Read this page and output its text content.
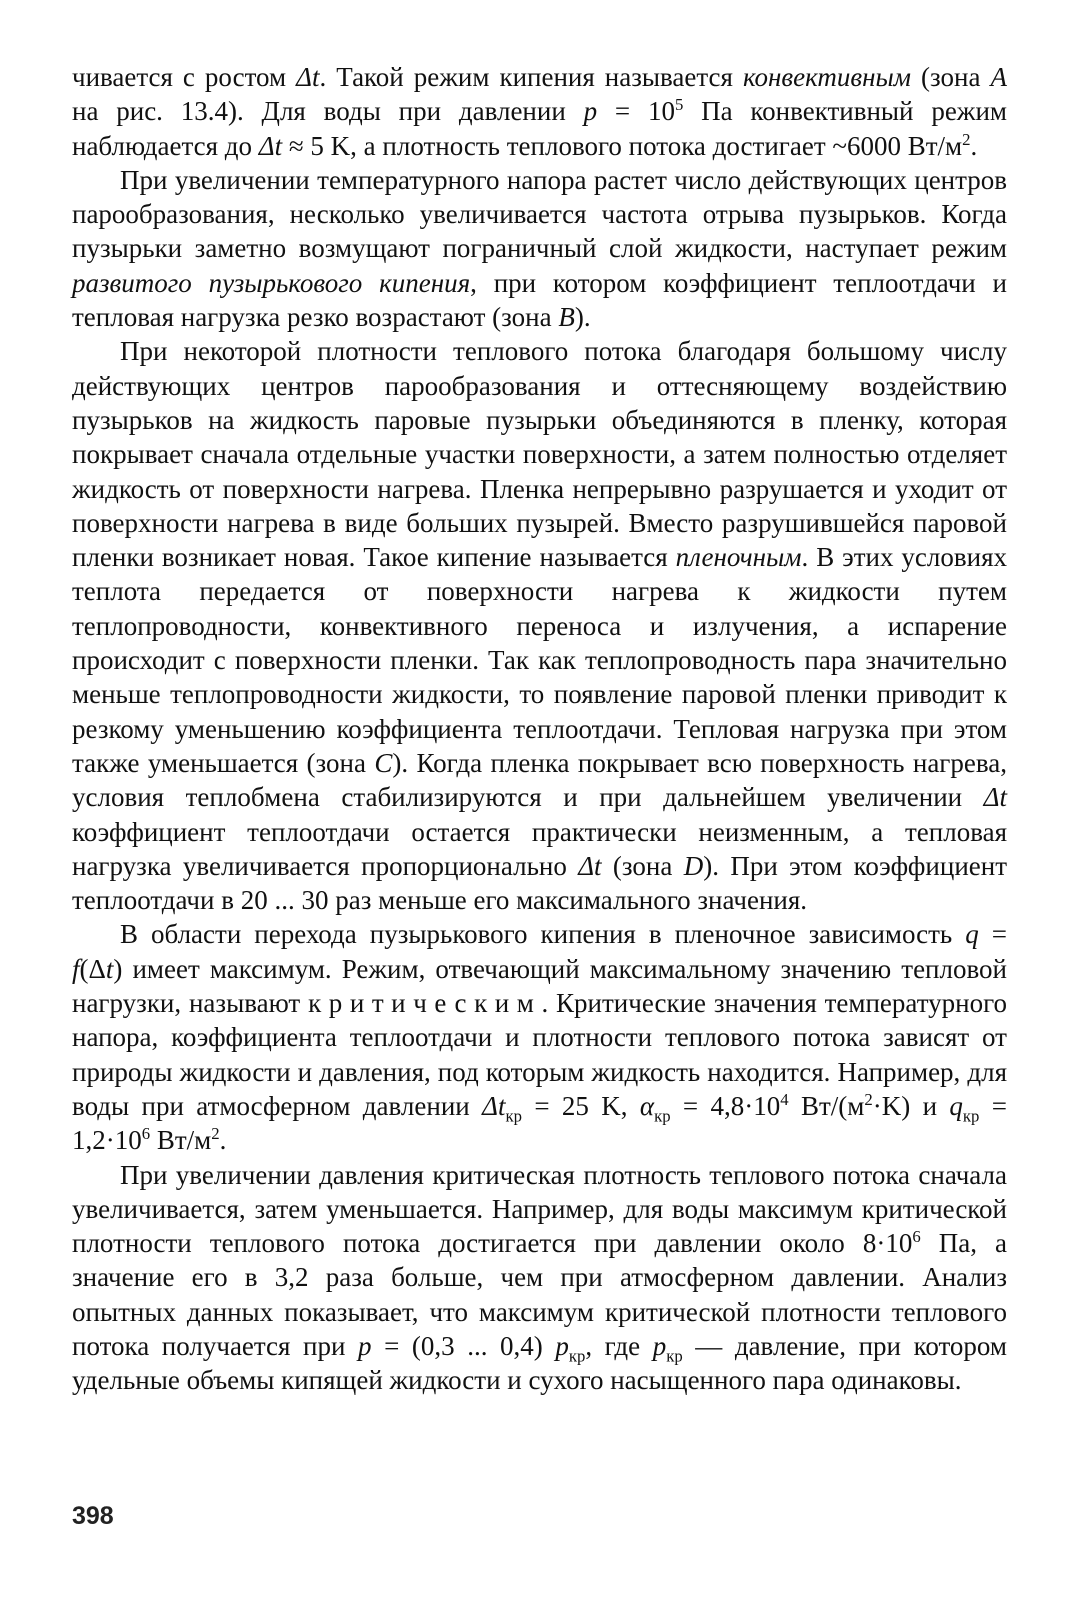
чивается с ростом Δt. Такой режим кипения называется конвективным (зона A на рис. 13.4). Для воды при давлении $p = 10^5$ Па конвективный режим наблюдается до Δt ≈ 5 K, а плотность теплового потока достигает ~6000 $Вт/м^2$.

При увеличении температурного напора растет число действующих центров парообразования, несколько увеличивается частота отрыва пузырьков. Когда пузырьки заметно возмущают пограничный слой жидкости, наступает режим развитого пузырькового кипения, при котором коэффициент теплоотдачи и тепловая нагрузка резко возрастают (зона B).

При некоторой плотности теплового потока благодаря большому числу действующих центров парообразования и оттесняющему воздействию пузырьков на жидкость паровые пузырьки объединяются в пленку, которая покрывает сначала отдельные участки поверхности, а затем полностью отделяет жидкость от поверхности нагрева. Пленка непрерывно разрушается и уходит от поверхности нагрева в виде больших пузырей. Вместо разрушившейся паровой пленки возникает новая. Такое кипение называется пленочным. В этих условиях теплота передается от поверхности нагрева к жидкости путем теплопроводности, конвективного переноса и излучения, а испарение происходит с поверхности пленки. Так как теплопроводность пара значительно меньше теплопроводности жидкости, то появление паровой пленки приводит к резкому уменьшению коэффициента теплоотдачи. Тепловая нагрузка при этом также уменьшается (зона C). Когда пленка покрывает всю поверхность нагрева, условия теплобмена стабилизируются и при дальнейшем увеличении Δt коэффициент теплоотдачи остается практически неизменным, а тепловая нагрузка увеличивается пропорционально Δt (зона D). При этом коэффициент теплоотдачи в 20 ... 30 раз меньше его максимального значения.

В области перехода пузырькового кипения в пленочное зависимость q = f(Δt) имеет максимум. Режим, отвечающий максимальному значению тепловой нагрузки, называют критическим. Критические значения температурного напора, коэффициента теплоотдачи и плотности теплового потока зависят от природы жидкости и давления, под которым жидкость находится. Например, для воды при атмосферном давлении $\Delta t_{кр} = 25$ K, $\alpha_{кр} = 4,8\cdot 10^4$ $Вт/(м^2\cdot K)$ и $q_{кр} = 1,2\cdot 10^6$ $Вт/м^2$.

При увеличении давления критическая плотность теплового потока сначала увеличивается, затем уменьшается. Например, для воды максимум критической плотности теплового потока достигается при давлении около $8\cdot 10^6$ Па, а значение его в 3,2 раза больше, чем при атмосферном давлении. Анализ опытных данных показывает, что максимум критической плотности теплового потока получается при p = (0,3 ... 0,4) $p_{кр}$, где $p_{кр}$ — давление, при котором удельные объемы кипящей жидкости и сухого насыщенного пара одинаковы.

398
